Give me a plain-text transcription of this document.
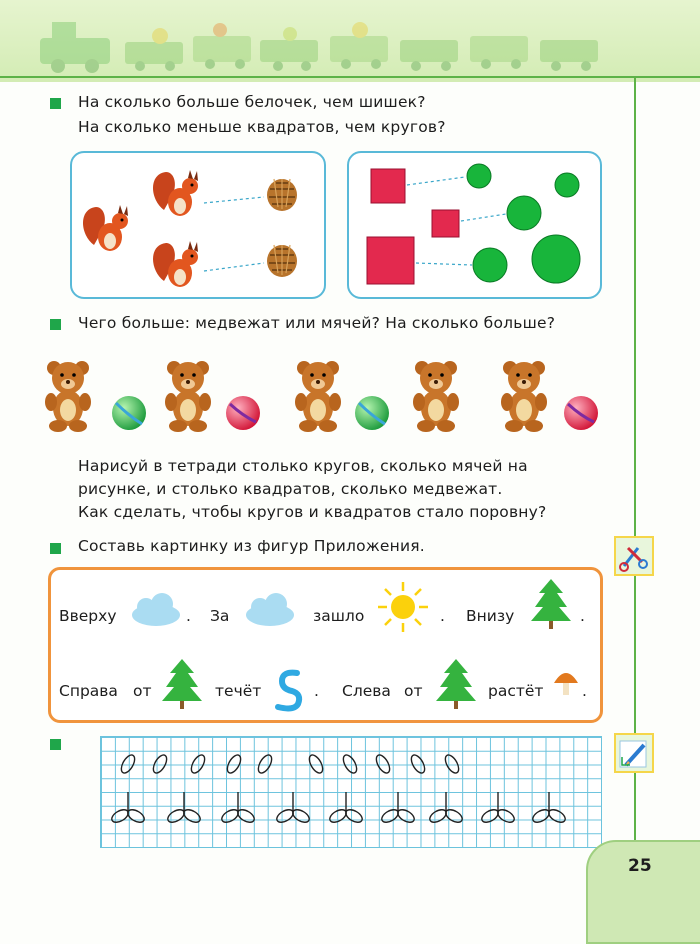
На сколько больше белочек, чем шишек?
На сколько меньше квадратов, чем кругов?
Чего больше: медвежат или мячей? На сколько больше?
Нарисуй в тетради столько кругов, сколько мячей на
рисунке, и столько квадратов, сколько медвежат.
Как сделать, чтобы кругов и квадратов стало поровну?
Составь картинку из фигур Приложения.
Вверху	. За	зашло	. Внизу	.
Справа от	течёт	. Слева от	растёт .
25
